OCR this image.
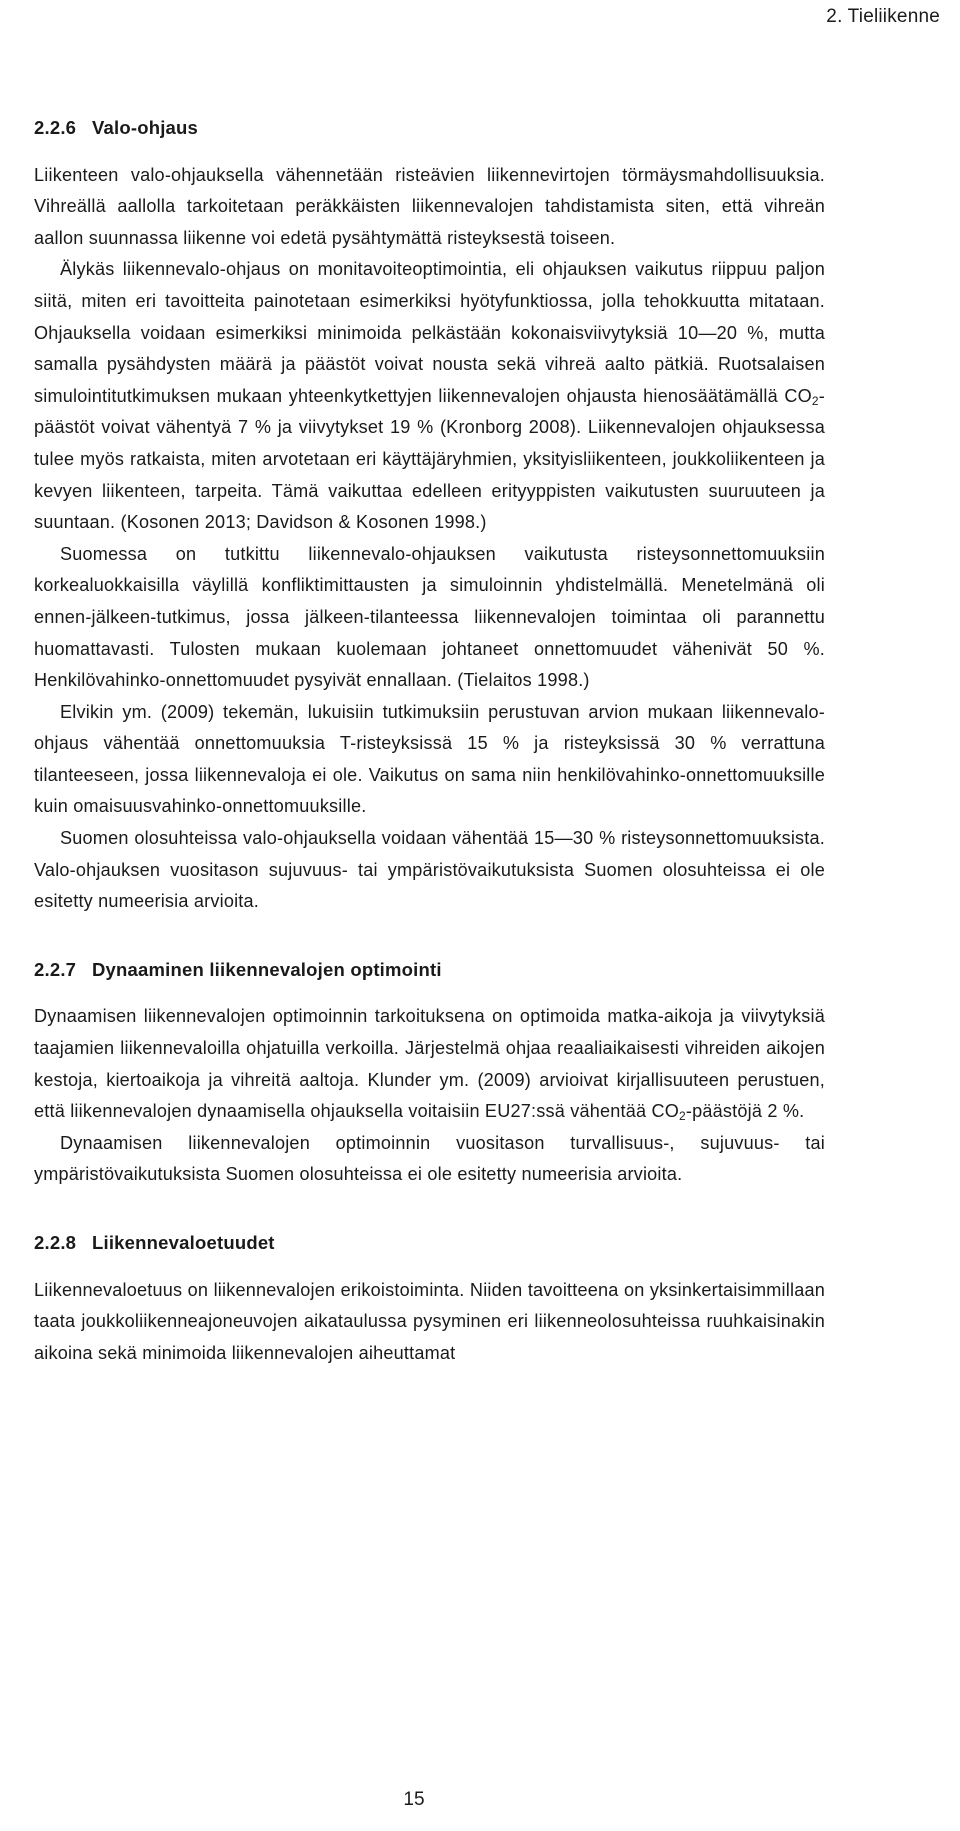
2. Tieliikenne
2.2.6 Valo-ohjaus

Liikenteen valo-ohjauksella vähennetään risteävien liikennevirtojen törmäysmahdollisuuksia. Vihreällä aallolla tarkoitetaan peräkkäisten liikennevalojen tahdistamista siten, että vihreän aallon suunnassa liikenne voi edetä pysähtymättä risteyksestä toiseen.

Älykäs liikennevalo-ohjaus on monitavoiteoptimointia, eli ohjauksen vaikutus riippuu paljon siitä, miten eri tavoitteita painotetaan esimerkiksi hyötyfunktiossa, jolla tehokkuutta mitataan. Ohjauksella voidaan esimerkiksi minimoida pelkästään kokonaisviivytyksiä 10—20 %, mutta samalla pysähdysten määrä ja päästöt voivat nousta sekä vihreä aalto pätkiä. Ruotsalaisen simulointitutkimuksen mukaan yhteenkytkettyjen liikennevalojen ohjausta hienosäätämällä $CO_2$-päästöt voivat vähentyä 7 % ja viivytykset 19 % (Kronborg 2008). Liikennevalojen ohjauksessa tulee myös ratkaista, miten arvotetaan eri käyttäjäryhmien, yksityisliikenteen, joukkoliikenteen ja kevyen liikenteen, tarpeita. Tämä vaikuttaa edelleen erityyppisten vaikutusten suuruuteen ja suuntaan. (Kosonen 2013; Davidson & Kosonen 1998.)

Suomessa on tutkittu liikennevalo-ohjauksen vaikutusta risteysonnettomuuksiin korkealuokkaisilla väylillä konfliktimittausten ja simuloinnin yhdistelmällä. Menetelmänä oli ennen-jälkeen-tutkimus, jossa jälkeen-tilanteessa liikennevalojen toimintaa oli parannettu huomattavasti. Tulosten mukaan kuolemaan johtaneet onnettomuudet vähenivät 50 %. Henkilövahinko-onnettomuudet pysyivät ennallaan. (Tielaitos 1998.)

Elvikin ym. (2009) tekemän, lukuisiin tutkimuksiin perustuvan arvion mukaan liikennevalo-ohjaus vähentää onnettomuuksia T-risteyksissä 15 % ja risteyksissä 30 % verrattuna tilanteeseen, jossa liikennevaloja ei ole. Vaikutus on sama niin henkilövahinko-onnettomuuksille kuin omaisuusvahinko-onnettomuuksille.

Suomen olosuhteissa valo-ohjauksella voidaan vähentää 15—30 % risteysonnettomuuksista. Valo-ohjauksen vuositason sujuvuus- tai ympäristövaikutuksista Suomen olosuhteissa ei ole esitetty numeerisia arvioita.

2.2.7 Dynaaminen liikennevalojen optimointi

Dynaamisen liikennevalojen optimoinnin tarkoituksena on optimoida matka-aikoja ja viivytyksiä taajamien liikennevaloilla ohjatuilla verkoilla. Järjestelmä ohjaa reaaliaikaisesti vihreiden aikojen kestoja, kiertoaikoja ja vihreitä aaltoja. Klunder ym. (2009) arvioivat kirjallisuuteen perustuen, että liikennevalojen dynaamisella ohjauksella voitaisiin EU27:ssä vähentää $CO_2$-päästöjä 2 %.

Dynaamisen liikennevalojen optimoinnin vuositason turvallisuus-, sujuvuus- tai ympäristövaikutuksista Suomen olosuhteissa ei ole esitetty numeerisia arvioita.

2.2.8 Liikennevaloetuudet

Liikennevaloetuus on liikennevalojen erikoistoiminta. Niiden tavoitteena on yksinkertaisimmillaan taata joukkoliikenneajoneuvojen aikataulussa pysyminen eri liikenneolosuhteissa ruuhkaisinakin aikoina sekä minimoida liikennevalojen aiheuttamat

15
